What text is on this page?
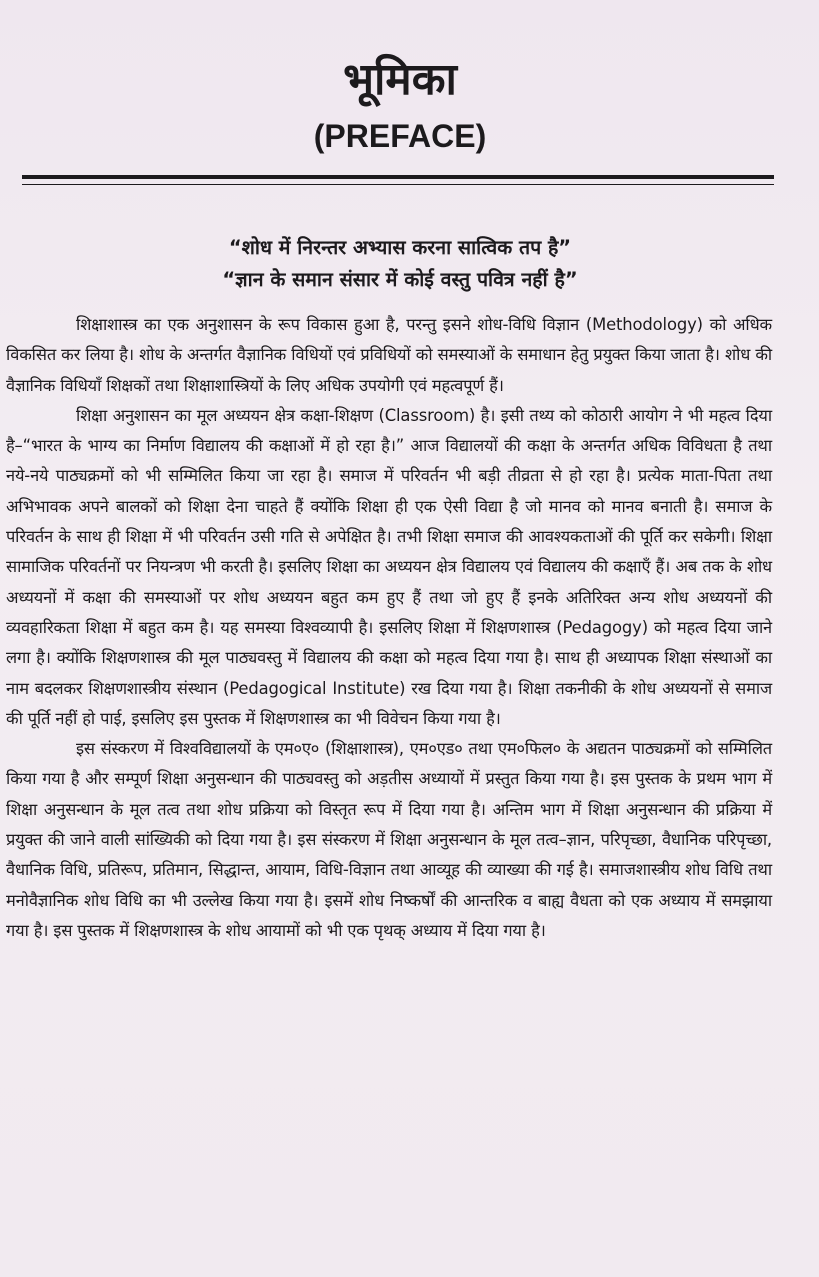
भूमिका
(PREFACE)
“शोध में निरन्तर अभ्यास करना सात्विक तप है”
“ज्ञान के समान संसार में कोई वस्तु पवित्र नहीं है”

शिक्षाशास्त्र का एक अनुशासन के रूप विकास हुआ है, परन्तु इसने शोध-विधि विज्ञान (Methodology) को अधिक विकसित कर लिया है। शोध के अन्तर्गत वैज्ञानिक विधियों एवं प्रविधियों को समस्याओं के समाधान हेतु प्रयुक्त किया जाता है। शोध की वैज्ञानिक विधियाँ शिक्षकों तथा शिक्षाशास्त्रियों के लिए अधिक उपयोगी एवं महत्वपूर्ण हैं।

शिक्षा अनुशासन का मूल अध्ययन क्षेत्र कक्षा-शिक्षण (Classroom) है। इसी तथ्य को कोठारी आयोग ने भी महत्व दिया है–“भारत के भाग्य का निर्माण विद्यालय की कक्षाओं में हो रहा है।” आज विद्यालयों की कक्षा के अन्तर्गत अधिक विविधता है तथा नये-नये पाठ्यक्रमों को भी सम्मिलित किया जा रहा है। समाज में परिवर्तन भी बड़ी तीव्रता से हो रहा है। प्रत्येक माता-पिता तथा अभिभावक अपने बालकों को शिक्षा देना चाहते हैं क्योंकि शिक्षा ही एक ऐसी विद्या है जो मानव को मानव बनाती है। समाज के परिवर्तन के साथ ही शिक्षा में भी परिवर्तन उसी गति से अपेक्षित है। तभी शिक्षा समाज की आवश्यकताओं की पूर्ति कर सकेगी। शिक्षा सामाजिक परिवर्तनों पर नियन्त्रण भी करती है। इसलिए शिक्षा का अध्ययन क्षेत्र विद्यालय एवं विद्यालय की कक्षाएँ हैं। अब तक के शोध अध्ययनों में कक्षा की समस्याओं पर शोध अध्ययन बहुत कम हुए हैं तथा जो हुए हैं इनके अतिरिक्त अन्य शोध अध्ययनों की व्यवहारिकता शिक्षा में बहुत कम है। यह समस्या विश्वव्यापी है। इसलिए शिक्षा में शिक्षणशास्त्र (Pedagogy) को महत्व दिया जाने लगा है। क्योंकि शिक्षणशास्त्र की मूल पाठ्यवस्तु में विद्यालय की कक्षा को महत्व दिया गया है। साथ ही अध्यापक शिक्षा संस्थाओं का नाम बदलकर शिक्षणशास्त्रीय संस्थान (Pedagogical Institute) रख दिया गया है। शिक्षा तकनीकी के शोध अध्ययनों से समाज की पूर्ति नहीं हो पाई, इसलिए इस पुस्तक में शिक्षणशास्त्र का भी विवेचन किया गया है।

इस संस्करण में विश्वविद्यालयों के एम०ए० (शिक्षाशास्त्र), एम०एड० तथा एम०फिल० के अद्यतन पाठ्यक्रमों को सम्मिलित किया गया है और सम्पूर्ण शिक्षा अनुसन्धान की पाठ्यवस्तु को अड़तीस अध्यायों में प्रस्तुत किया गया है। इस पुस्तक के प्रथम भाग में शिक्षा अनुसन्धान के मूल तत्व तथा शोध प्रक्रिया को विस्तृत रूप में दिया गया है। अन्तिम भाग में शिक्षा अनुसन्धान की प्रक्रिया में प्रयुक्त की जाने वाली सांख्यिकी को दिया गया है। इस संस्करण में शिक्षा अनुसन्धान के मूल तत्व–ज्ञान, परिपृच्छा, वैधानिक परिपृच्छा, वैधानिक विधि, प्रतिरूप, प्रतिमान, सिद्धान्त, आयाम, विधि-विज्ञान तथा आव्यूह की व्याख्या की गई है। समाजशास्त्रीय शोध विधि तथा मनोवैज्ञानिक शोध विधि का भी उल्लेख किया गया है। इसमें शोध निष्कर्षों की आन्तरिक व बाह्य वैधता को एक अध्याय में समझाया गया है। इस पुस्तक में शिक्षणशास्त्र के शोध आयामों को भी एक पृथक् अध्याय में दिया गया है।
